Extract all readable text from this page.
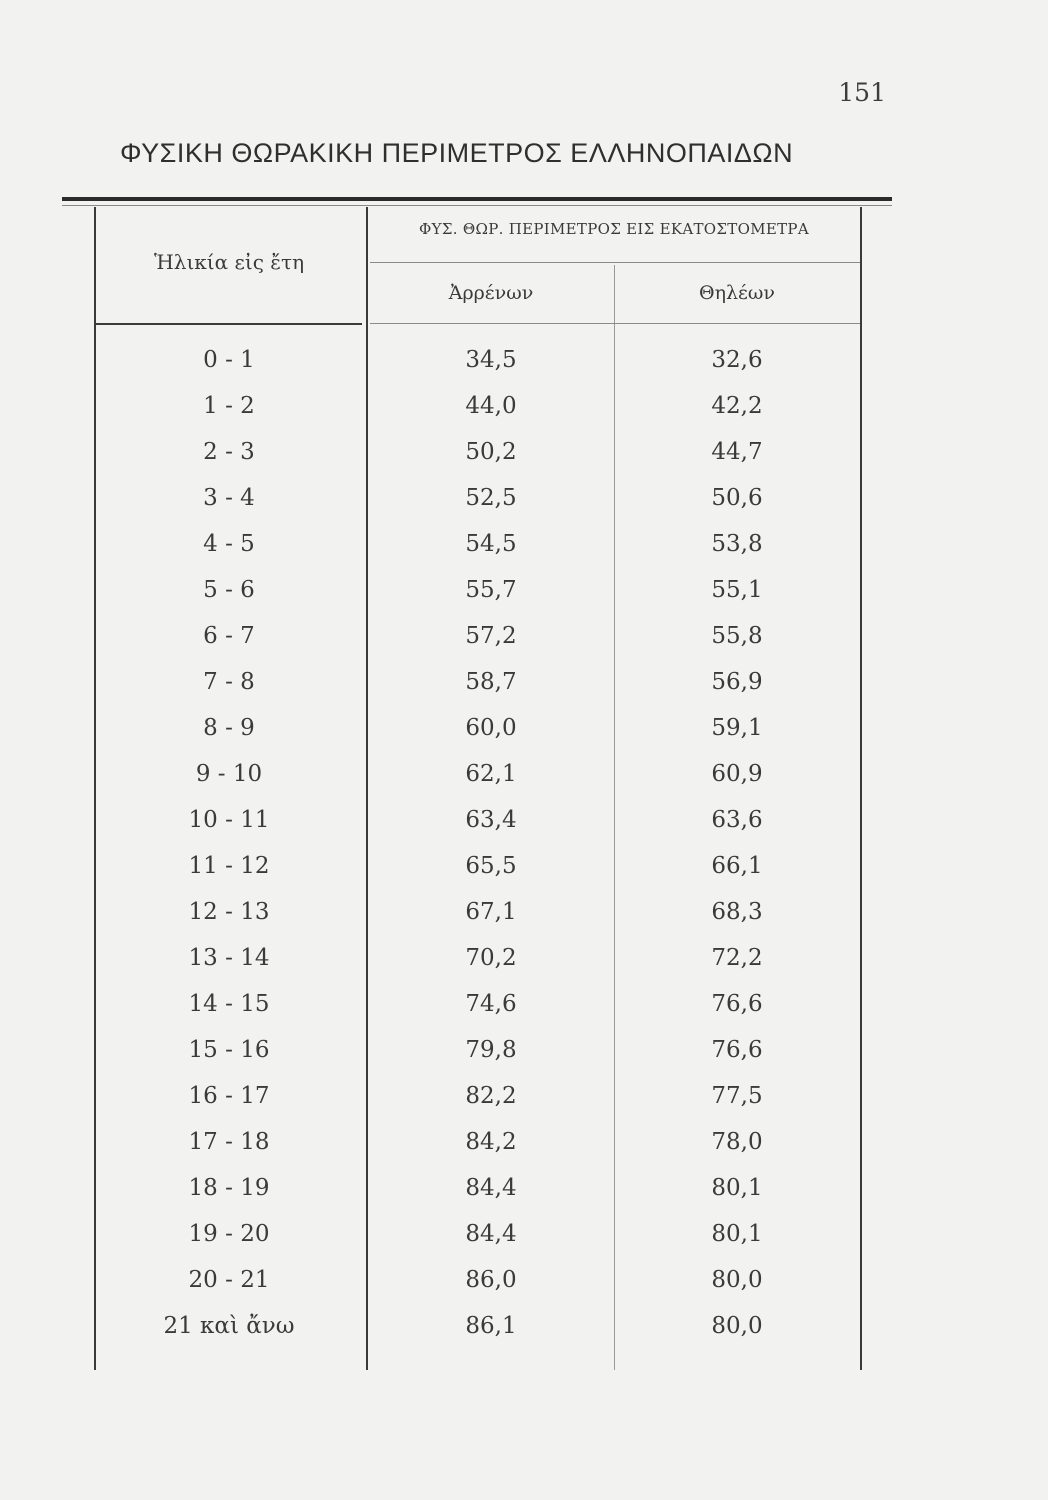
151
ΦΥΣΙΚΗ ΘΩΡΑΚΙΚΗ ΠΕΡΙΜΕΤΡΟΣ ΕΛΛΗΝΟΠΑΙΔΩΝ
Ἡλικία εἰς ἔτη
ΦΥΣ. ΘΩΡ. ΠΕΡΙΜΕΤΡΟΣ ΕΙΣ ΕΚΑΤΟΣΤΟΜΕΤΡΑ
Ἀρρένων	Θηλέων
0 - 1	34,5	32,6
1 - 2	44,0	42,2
2 - 3	50,2	44,7
3 - 4	52,5	50,6
4 - 5	54,5	53,8
5 - 6	55,7	55,1
6 - 7	57,2	55,8
7 - 8	58,7	56,9
8 - 9	60,0	59,1
9 - 10	62,1	60,9
10 - 11	63,4	63,6
11 - 12	65,5	66,1
12 - 13	67,1	68,3
13 - 14	70,2	72,2
14 - 15	74,6	76,6
15 - 16	79,8	76,6
16 - 17	82,2	77,5
17 - 18	84,2	78,0
18 - 19	84,4	80,1
19 - 20	84,4	80,1
20 - 21	86,0	80,0
21 καὶ ἄνω	86,1	80,0
